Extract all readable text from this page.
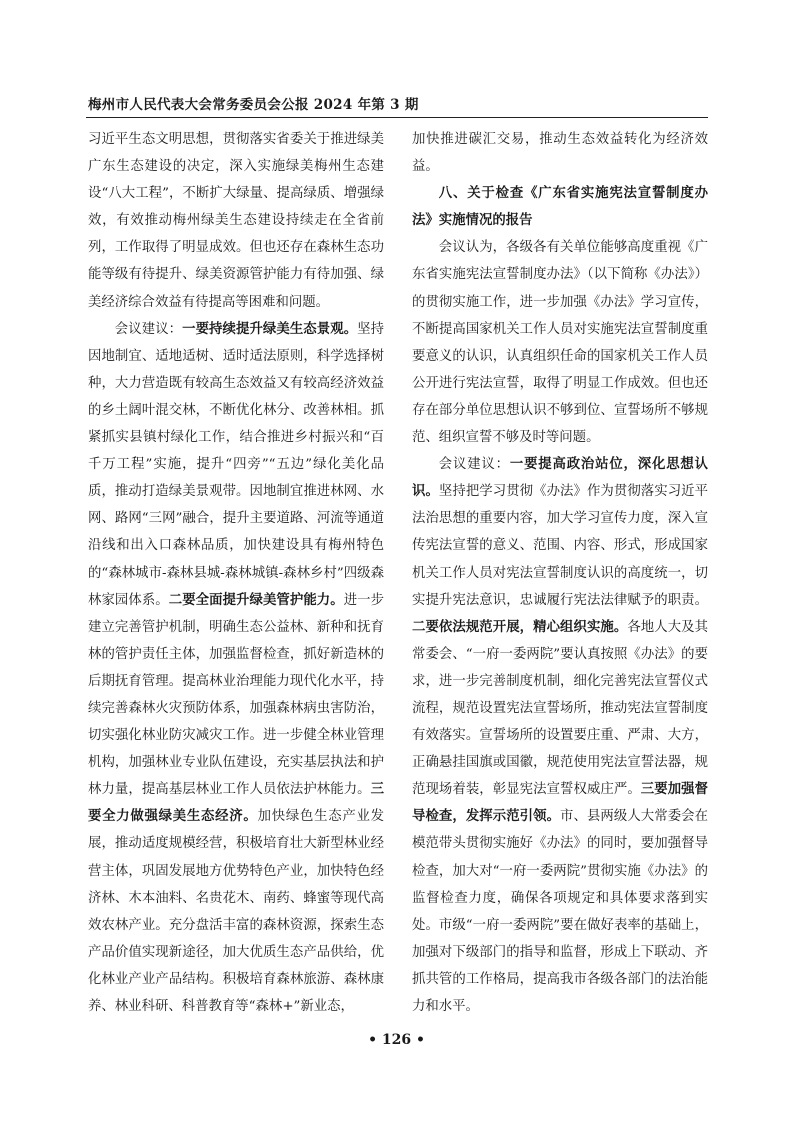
梅州市人民代表大会常务委员会公报 2024 年第 3 期

习近平生态文明思想，贯彻落实省委关于推进绿美广东生态建设的决定，深入实施绿美梅州生态建设“八大工程”，不断扩大绿量、提高绿质、增强绿效，有效推动梅州绿美生态建设持续走在全省前列，工作取得了明显成效。但也还存在森林生态功能等级有待提升、绿美资源管护能力有待加强、绿美经济综合效益有待提高等困难和问题。

会议建议：一要持续提升绿美生态景观。坚持因地制宜、适地适树、适时适法原则，科学选择树种，大力营造既有较高生态效益又有较高经济效益的乡土阔叶混交林，不断优化林分、改善林相。抓紧抓实县镇村绿化工作，结合推进乡村振兴和“百千万工程”实施，提升“四旁”“五边”绿化美化品质，推动打造绿美景观带。因地制宜推进林网、水网、路网“三网”融合，提升主要道路、河流等通道沿线和出入口森林品质，加快建设具有梅州特色的“森林城市-森林县城-森林城镇-森林乡村”四级森林家园体系。二要全面提升绿美管护能力。进一步建立完善管护机制，明确生态公益林、新种和抚育林的管护责任主体，加强监督检查，抓好新造林的后期抚育管理。提高林业治理能力现代化水平，持续完善森林火灾预防体系，加强森林病虫害防治，切实强化林业防灾减灾工作。进一步健全林业管理机构，加强林业专业队伍建设，充实基层执法和护林力量，提高基层林业工作人员依法护林能力。三要全力做强绿美生态经济。加快绿色生态产业发展，推动适度规模经营，积极培育壮大新型林业经营主体，巩固发展地方优势特色产业，加快特色经济林、木本油料、名贵花木、南药、蜂蜜等现代高效农林产业。充分盘活丰富的森林资源，探索生态产品价值实现新途径，加大优质生态产品供给，优化林业产业产品结构。积极培育森林旅游、森林康养、林业科研、科普教育等“森林+”新业态，

加快推进碳汇交易，推动生态效益转化为经济效益。

八、关于检查《广东省实施宪法宣誓制度办法》实施情况的报告

会议认为，各级各有关单位能够高度重视《广东省实施宪法宣誓制度办法》（以下简称《办法》）的贯彻实施工作，进一步加强《办法》学习宣传，不断提高国家机关工作人员对实施宪法宣誓制度重要意义的认识，认真组织任命的国家机关工作人员公开进行宪法宣誓，取得了明显工作成效。但也还存在部分单位思想认识不够到位、宣誓场所不够规范、组织宣誓不够及时等问题。

会议建议：一要提高政治站位，深化思想认识。坚持把学习贯彻《办法》作为贯彻落实习近平法治思想的重要内容，加大学习宣传力度，深入宣传宪法宣誓的意义、范围、内容、形式，形成国家机关工作人员对宪法宣誓制度认识的高度统一，切实提升宪法意识，忠诚履行宪法法律赋予的职责。二要依法规范开展，精心组织实施。各地人大及其常委会、“一府一委两院”要认真按照《办法》的要求，进一步完善制度机制，细化完善宪法宣誓仪式流程，规范设置宪法宣誓场所，推动宪法宣誓制度有效落实。宣誓场所的设置要庄重、严肃、大方，正确悬挂国旗或国徽，规范使用宪法宣誓法器，规范现场着装，彰显宪法宣誓权威庄严。三要加强督导检查，发挥示范引领。市、县两级人大常委会在模范带头贯彻实施好《办法》的同时，要加强督导检查，加大对“一府一委两院”贯彻实施《办法》的监督检查力度，确保各项规定和具体要求落到实处。市级“一府一委两院”要在做好表率的基础上，加强对下级部门的指导和监督，形成上下联动、齐抓共管的工作格局，提高我市各级各部门的法治能力和水平。

• 126 •
